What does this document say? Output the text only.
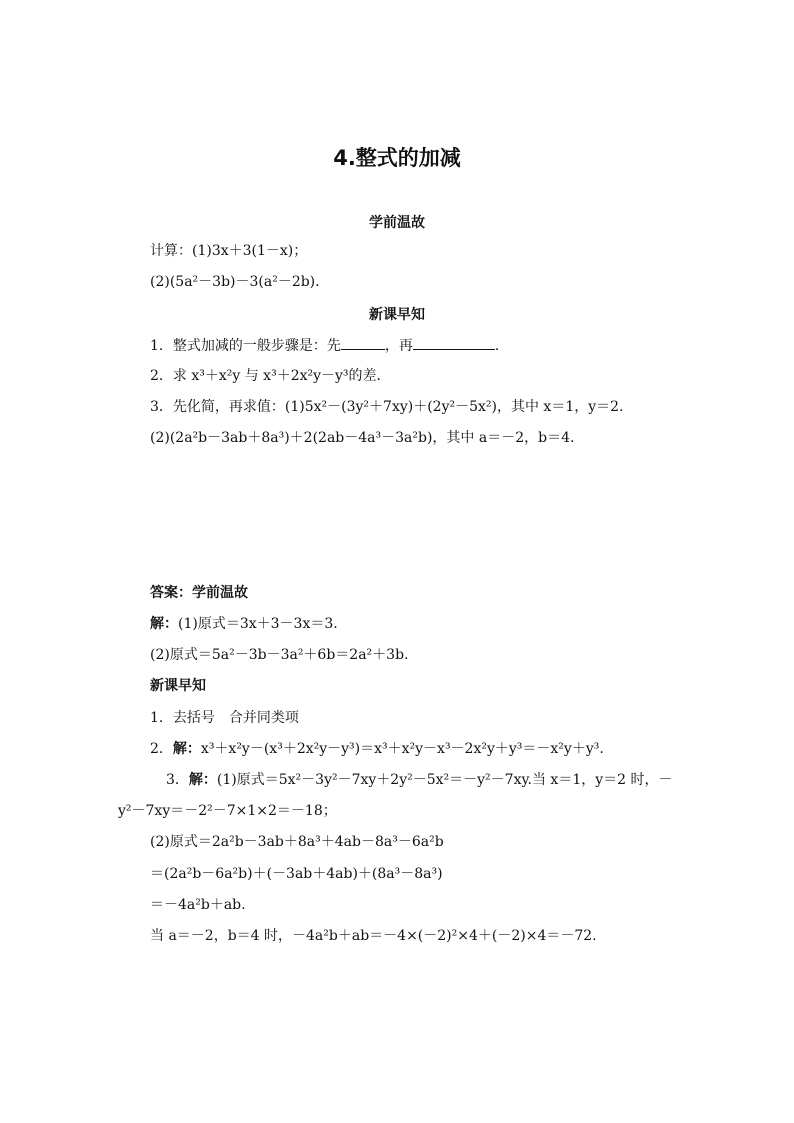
4.整式的加减
学前温故
计算：(1)3x＋3(1－x)；
(2)(5a²－3b)－3(a²－2b)．
新课早知
1．整式加减的一般步骤是：先	，再	．
2．求 x³＋x²y 与 x³＋2x²y－y³的差．
3．先化简，再求值：(1)5x²－(3y²＋7xy)＋(2y²－5x²)，其中 x＝1，y＝2.
(2)(2a²b－3ab＋8a³)＋2(2ab－4a³－3a²b)，其中 a＝－2，b＝4.
答案：学前温故
解：(1)原式＝3x＋3－3x＝3.
(2)原式＝5a²－3b－3a²＋6b＝2a²＋3b.
新课早知
1．去括号　合并同类项
2．解：x³＋x²y－(x³＋2x²y－y³)＝x³＋x²y－x³－2x²y＋y³＝－x²y＋y³.
3．解：(1)原式＝5x²－3y²－7xy＋2y²－5x²＝－y²－7xy.当 x＝1，y＝2 时，－
y²－7xy＝－2²－7×1×2＝－18；
(2)原式＝2a²b－3ab＋8a³＋4ab－8a³－6a²b
＝(2a²b－6a²b)＋(－3ab＋4ab)＋(8a³－8a³)
＝－4a²b＋ab.
当 a＝－2，b＝4 时，－4a²b＋ab＝－4×(－2)²×4＋(－2)×4＝－72.
